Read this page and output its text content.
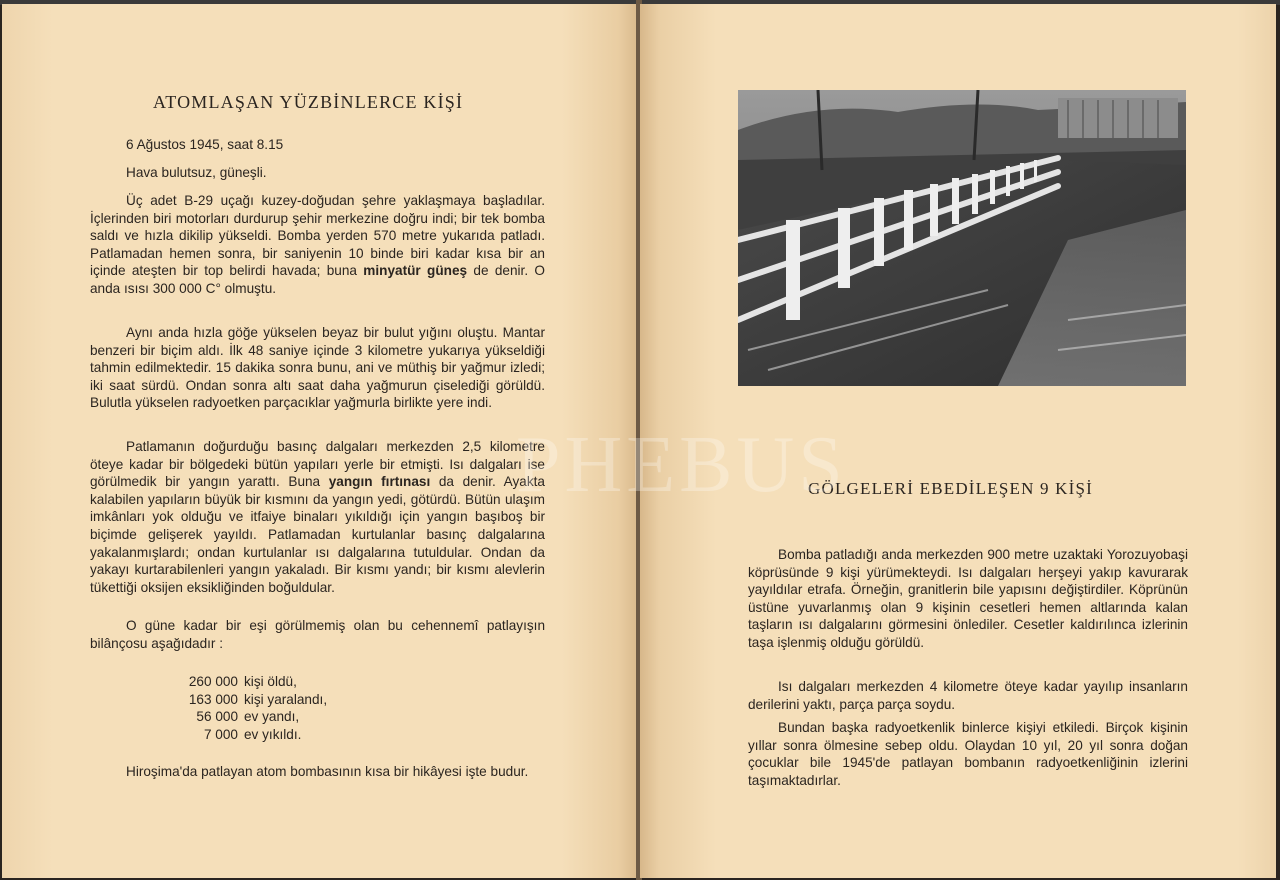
ATOMLAŞAN YÜZBİNLERCE KİŞİ

6 Ağustos 1945, saat 8.15

Hava bulutsuz, güneşli.

Üç adet B-29 uçağı kuzey-doğudan şehre yaklaşmaya başladılar. İçlerinden biri motorları durdurup şehir merkezine doğru indi; bir tek bomba saldı ve hızla dikilip yükseldi. Bomba yerden 570 metre yukarıda patladı. Patlamadan hemen sonra, bir saniyenin 10 binde biri kadar kısa bir an içinde ateşten bir top belirdi havada; buna minyatür güneş de denir. O anda ısısı 300 000 C° olmuştu.

Aynı anda hızla göğe yükselen beyaz bir bulut yığını oluştu. Mantar benzeri bir biçim aldı. İlk 48 saniye içinde 3 kilometre yukarıya yükseldiği tahmin edilmektedir. 15 dakika sonra bunu, ani ve müthiş bir yağmur izledi; iki saat sürdü. Ondan sonra altı saat daha yağmurun çiselediği görüldü. Bulutla yükselen radyoetken parçacıklar yağmurla birlikte yere indi.

Patlamanın doğurduğu basınç dalgaları merkezden 2,5 kilometre öteye kadar bir bölgedeki bütün yapıları yerle bir etmişti. Isı dalgaları ise görülmedik bir yangın yarattı. Buna yangın fırtınası da denir. Ayakta kalabilen yapıların büyük bir kısmını da yangın yedi, götürdü. Bütün ulaşım imkânları yok olduğu ve itfaiye binaları yıkıldığı için yangın başıboş bir biçimde gelişerek yayıldı. Patlamadan kurtulanlar basınç dalgalarına yakalanmışlardı; ondan kurtulanlar ısı dalgalarına tutuldular. Ondan da yakayı kurtarabilenleri yangın yakaladı. Bir kısmı yandı; bir kısmı alevlerin tükettiği oksijen eksikliğinden boğuldular.

O güne kadar bir eşi görülmemiş olan bu cehennemî patlayışın bilânçosu aşağıdadır :

260 000 kişi öldü,
163 000 kişi yaralandı,
56 000 ev yandı,
7 000 ev yıkıldı.

Hiroşima'da patlayan atom bombasının kısa bir hikâyesi işte budur.

GÖLGELERİ EBEDİLEŞEN 9 KİŞİ

Bomba patladığı anda merkezden 900 metre uzaktaki Yorozuyobaşi köprüsünde 9 kişi yürümekteydi. Isı dalgaları herşeyi yakıp kavurarak yayıldılar etrafa. Örneğin, granitlerin bile yapısını değiştirdiler. Köprünün üstüne yuvarlanmış olan 9 kişinin cesetleri hemen altlarında kalan taşların ısı dalgalarını görmesini önlediler. Cesetler kaldırılınca izlerinin taşa işlenmiş olduğu görüldü.

Isı dalgaları merkezden 4 kilometre öteye kadar yayılıp insanların derilerini yaktı, parça parça soydu.

Bundan başka radyoetkenlik binlerce kişiyi etkiledi. Birçok kişinin yıllar sonra ölmesine sebep oldu. Olaydan 10 yıl, 20 yıl sonra doğan çocuklar bile 1945'de patlayan bombanın radyoetkenliğinin izlerini taşımaktadırlar.

PHEBUS
